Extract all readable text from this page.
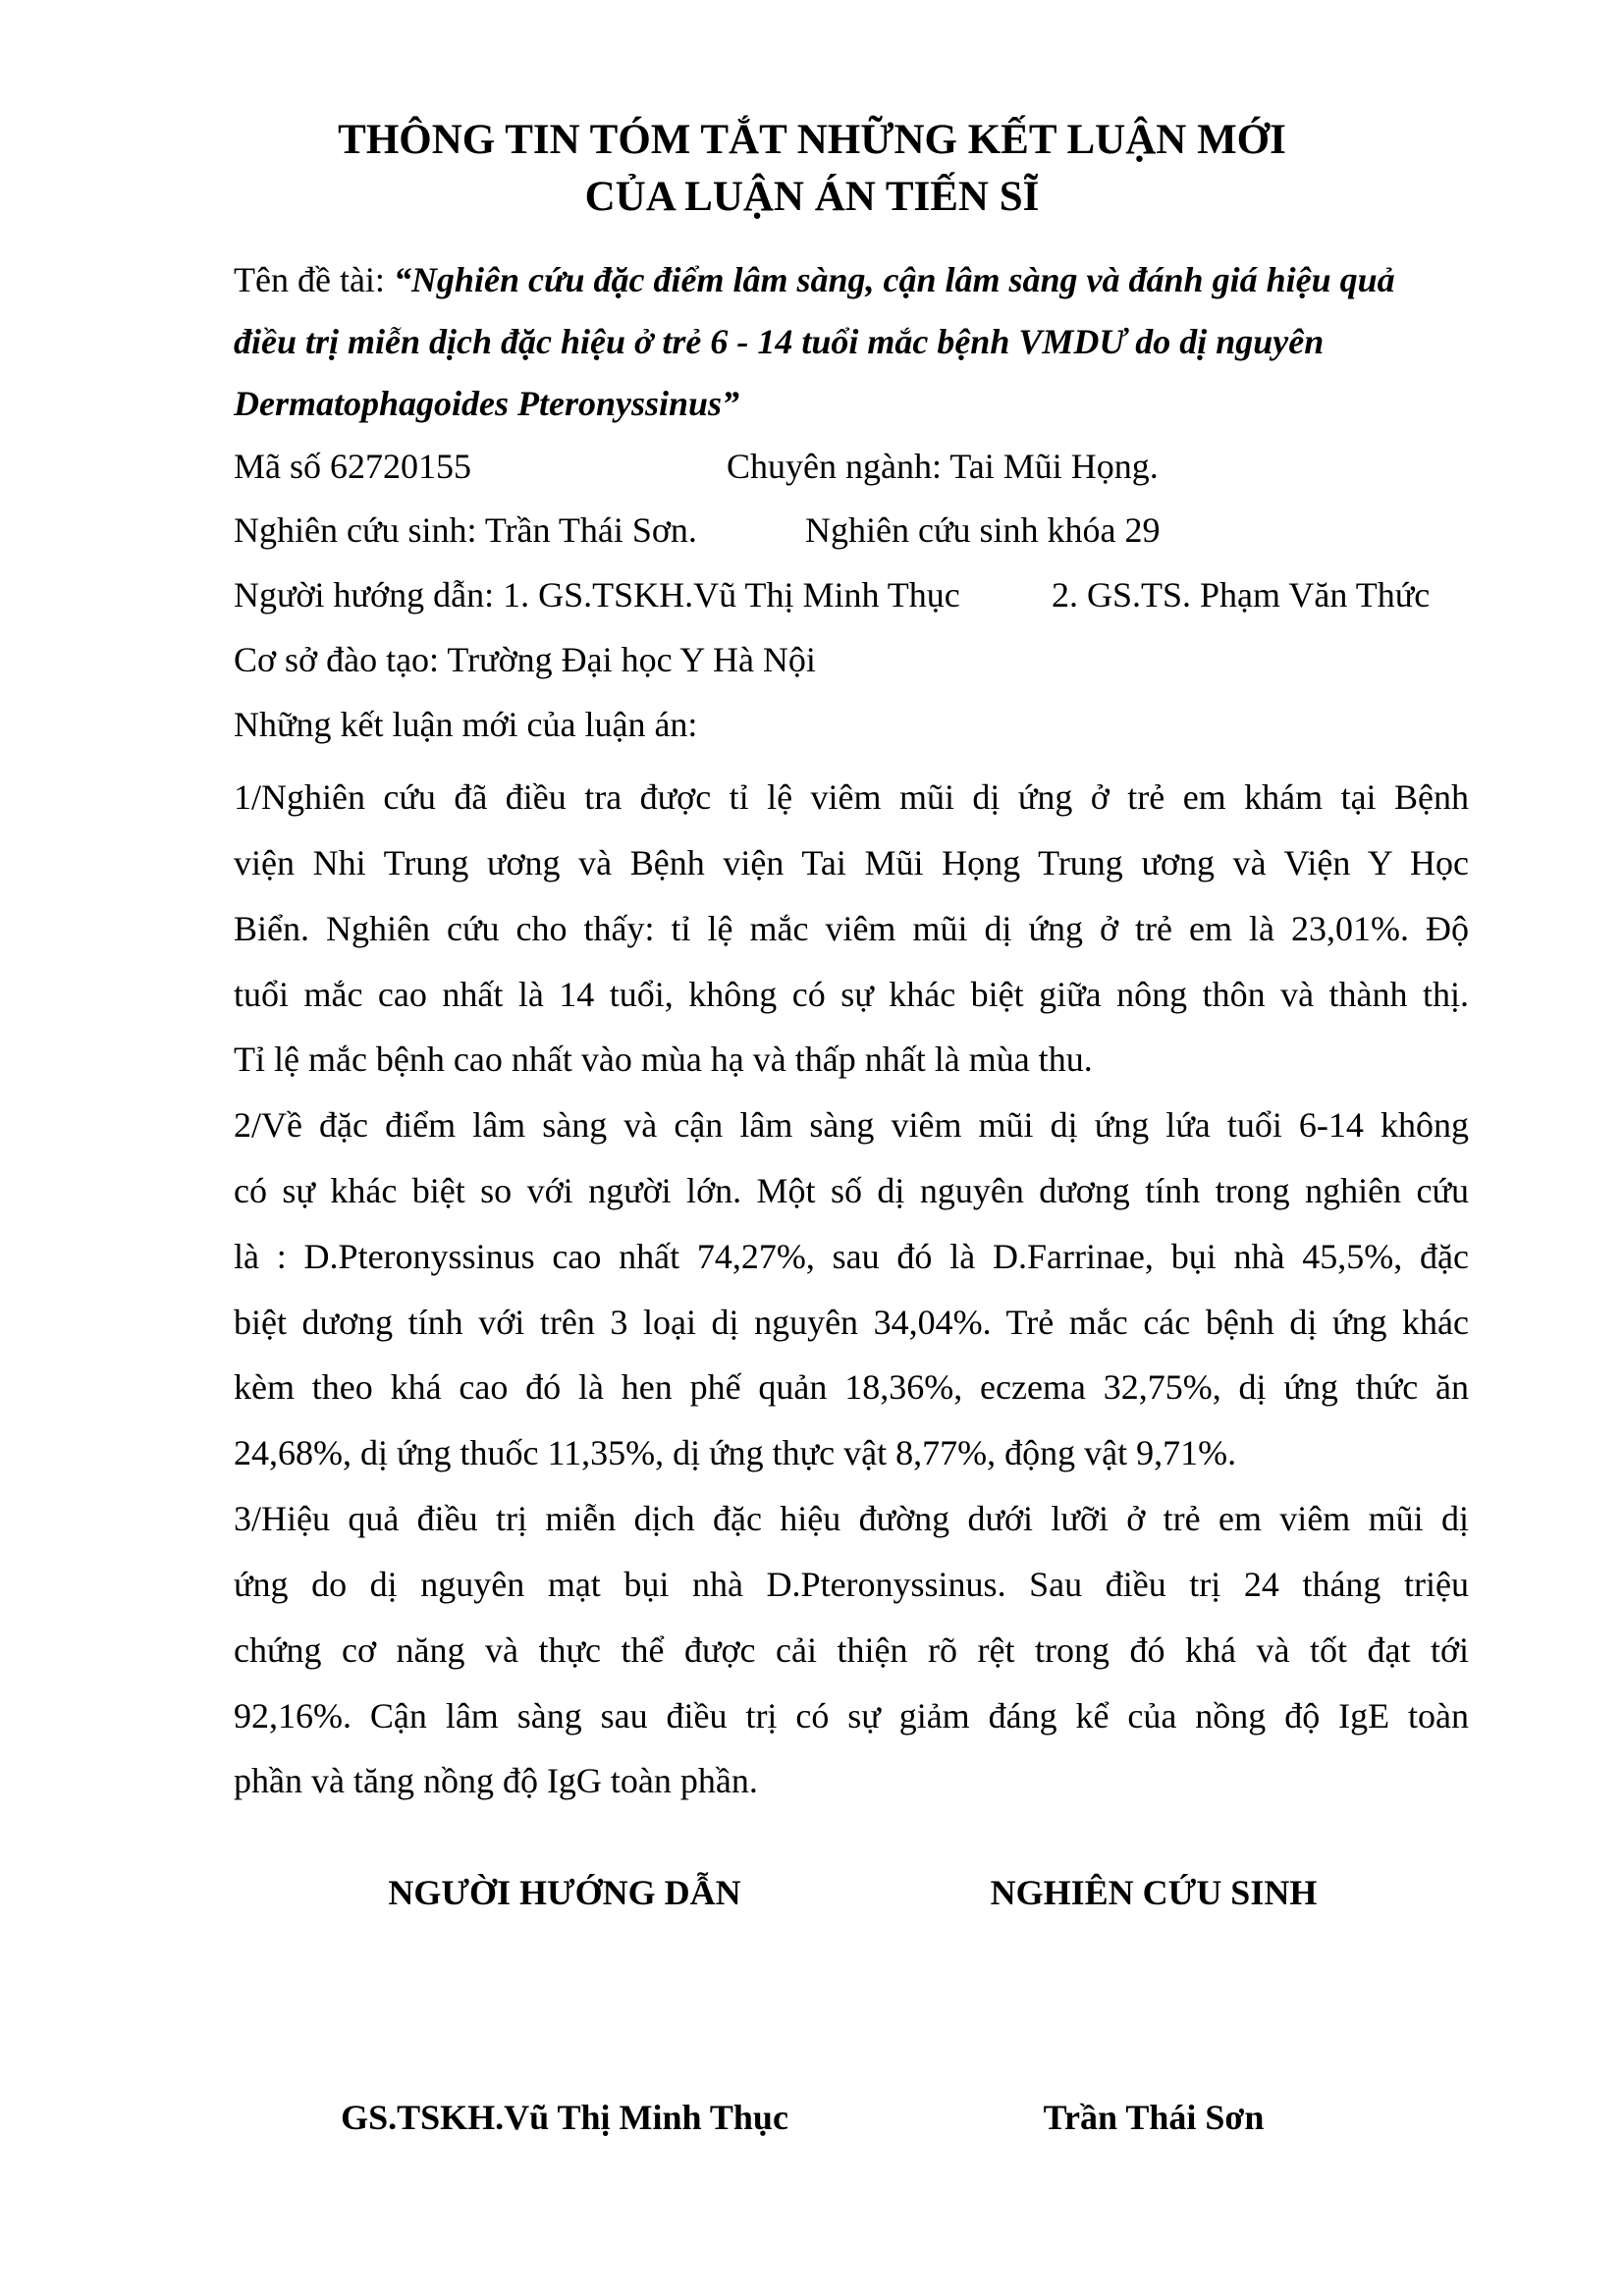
THÔNG TIN TÓM TẮT NHỮNG KẾT LUẬN MỚI
CỦA LUẬN ÁN TIẾN SĨ

Tên đề tài: “Nghiên cứu đặc điểm lâm sàng, cận lâm sàng và đánh giá hiệu quả

điều trị miễn dịch đặc hiệu ở trẻ 6 - 14 tuổi mắc bệnh VMDƯ do dị nguyên

Dermatophagoides Pteronyssinus”

Mã số 62720155	Chuyên ngành: Tai Mũi Họng.

Nghiên cứu sinh: Trần Thái Sơn.	Nghiên cứu sinh khóa 29

Người hướng dẫn: 1. GS.TSKH.Vũ Thị Minh Thục	2. GS.TS. Phạm Văn Thức

Cơ sở đào tạo: Trường Đại học Y Hà Nội

Những kết luận mới của luận án:

1/Nghiên cứu đã điều tra được tỉ lệ viêm mũi dị ứng ở trẻ em khám tại Bệnh

viện Nhi Trung ương và Bệnh viện Tai Mũi Họng Trung ương và Viện Y Học

Biển. Nghiên cứu cho thấy: tỉ lệ mắc viêm mũi dị ứng ở trẻ em là 23,01%. Độ

tuổi mắc cao nhất là 14 tuổi, không có sự khác biệt giữa nông thôn và thành thị.

Tỉ lệ mắc bệnh cao nhất vào mùa hạ và thấp nhất là mùa thu.

2/Về đặc điểm lâm sàng và cận lâm sàng viêm mũi dị ứng lứa tuổi 6-14 không

có sự khác biệt so với người lớn. Một số dị nguyên dương tính trong nghiên cứu

là : D.Pteronyssinus cao nhất 74,27%, sau đó là D.Farrinae, bụi nhà 45,5%, đặc

biệt dương tính với trên 3 loại dị nguyên 34,04%. Trẻ mắc các bệnh dị ứng khác

kèm theo khá cao đó là hen phế quản 18,36%, eczema 32,75%, dị ứng thức ăn

24,68%, dị ứng thuốc 11,35%, dị ứng thực vật 8,77%, động vật 9,71%.

3/Hiệu quả điều trị miễn dịch đặc hiệu đường dưới lưỡi ở trẻ em viêm mũi dị

ứng do dị nguyên mạt bụi nhà D.Pteronyssinus. Sau điều trị 24 tháng triệu

chứng cơ năng và thực thể được cải thiện rõ rệt trong đó khá và tốt đạt tới

92,16%. Cận lâm sàng sau điều trị có sự giảm đáng kể của nồng độ IgE toàn

phần và tăng nồng độ IgG toàn phần.

NGƯỜI HƯỚNG DẪN	NGHIÊN CỨU SINH

GS.TSKH.Vũ Thị Minh Thục	Trần Thái Sơn
